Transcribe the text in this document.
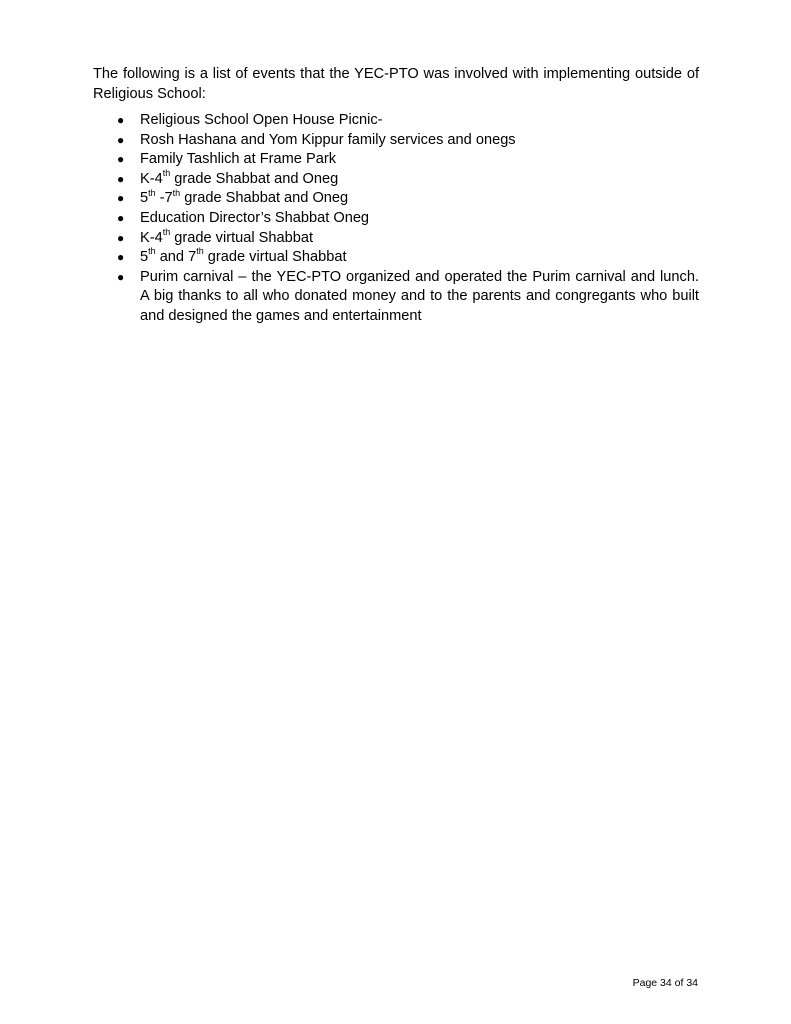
The following is a list of events that the YEC-PTO was involved with implementing outside of Religious School:

●	Religious School Open House Picnic-
●	Rosh Hashana and Yom Kippur family services and onegs
●	Family Tashlich at Frame Park
●	K-4th grade Shabbat and Oneg
●	5th -7th grade Shabbat and Oneg
●	Education Director’s Shabbat Oneg
●	K-4th grade virtual Shabbat
●	5th and 7th grade virtual Shabbat
●	Purim carnival – the YEC-PTO organized and operated the Purim carnival and lunch. A big thanks to all who donated money and to the parents and congregants who built and designed the games and entertainment
Page 34 of 34
